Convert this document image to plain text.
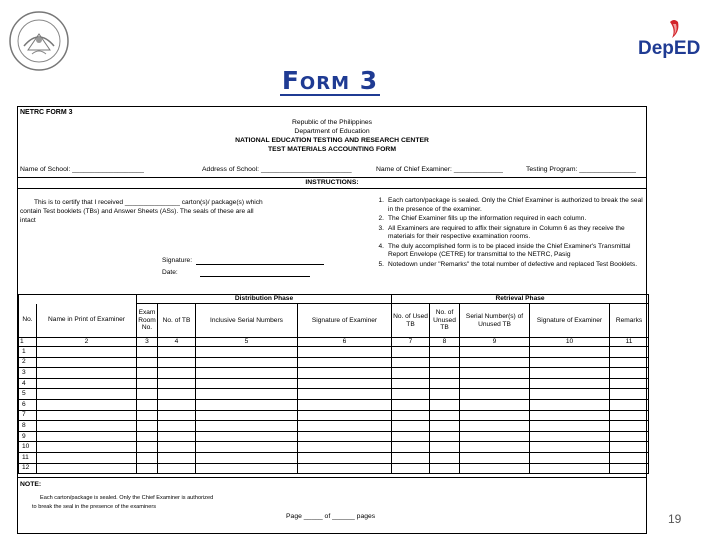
DepED
Form 3
NETRC FORM 3
Republic of the Philippines
Department of Education
NATIONAL EDUCATION TESTING AND RESEARCH CENTER
TEST MATERIALS ACCOUNTING FORM
Name of School: ___________________	Address of School: ________________________	Name of Chief Examiner: _____________	Testing Program: _______________
INSTRUCTIONS:
This is to certify that I received _______________ carton(s)/ package(s) which
contain Test booklets (TBs) and Answer Sheets (ASs). The seals of these are all
intact
Signature:
Date:
1. Each carton/package is sealed. Only the Chief Examiner is authorized to break the seal in the presence of the examiner.
2. The Chief Examiner fills up the information required in each column.
3. All Examiners are required to affix their signature in Column 6 as they receive the materials for their respective examination rooms.
4. The duly accomplished form is to be placed inside the Chief Examiner's Transmittal Report Envelope (CETRE) for transmittal to the NETRC, Pasig
5. Notedown under "Remarks" the total number of defective and replaced Test Booklets.
		Distribution Phase				Retrieval Phase				
No.	Name in Print of Examiner	Exam Room No.	No. of TB	Inclusive Serial Numbers	Signature of Examiner	No. of Used TB	No. of Unused TB	Serial Number(s) of Unused TB	Signature of Examiner	Remarks
1	2	3	4	5	6	7	8	9	10	11
1										
2										
3										
4										
5										
6										
7										
8										
9										
10										
11										
12										
NOTE:
Each carton/package is sealed. Only the Chief Examiner is authorized
to break the seal in the presence of the examiners
Page _____ of ______ pages	19
